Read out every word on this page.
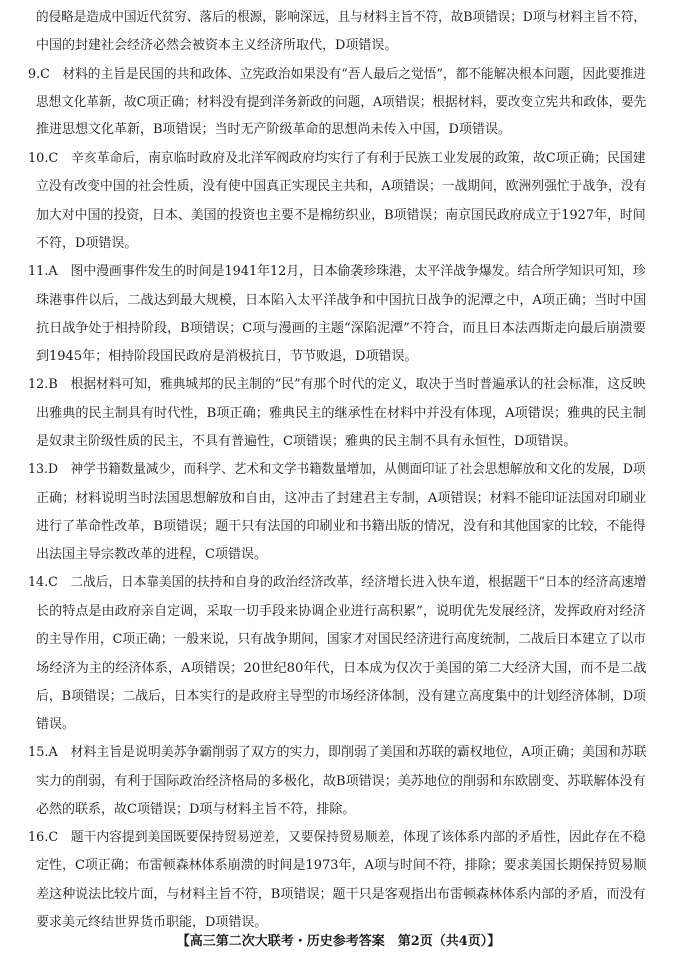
的侵略是造成中国近代贫穷、落后的根源，影响深远，且与材料主旨不符，故B项错误；D项与材料主旨不符，
中国的封建社会经济必然会被资本主义经济所取代，D项错误。
9.C　材料的主旨是民国的共和政体、立宪政治如果没有“吾人最后之觉悟”，都不能解决根本问题，因此要推进
思想文化革新，故C项正确；材料没有提到洋务新政的问题，A项错误；根据材料，要改变立宪共和政体，要先
推进思想文化革新，B项错误；当时无产阶级革命的思想尚未传入中国，D项错误。
10.C　辛亥革命后，南京临时政府及北洋军阀政府均实行了有利于民族工业发展的政策，故C项正确；民国建
立没有改变中国的社会性质，没有使中国真正实现民主共和，A项错误；一战期间，欧洲列强忙于战争，没有
加大对中国的投资，日本、美国的投资也主要不是棉纺织业，B项错误；南京国民政府成立于1927年，时间
不符，D项错误。
11.A　图中漫画事件发生的时间是1941年12月，日本偷袭珍珠港，太平洋战争爆发。结合所学知识可知，珍
珠港事件以后，二战达到最大规模，日本陷入太平洋战争和中国抗日战争的泥潭之中，A项正确；当时中国
抗日战争处于相持阶段，B项错误；C项与漫画的主题“深陷泥潭”不符合，而且日本法西斯走向最后崩溃要
到1945年；相持阶段国民政府是消极抗日，节节败退，D项错误。
12.B　根据材料可知，雅典城邦的民主制的“民”有那个时代的定义，取决于当时普遍承认的社会标准，这反映
出雅典的民主制具有时代性，B项正确；雅典民主的继承性在材料中并没有体现，A项错误；雅典的民主制
是奴隶主阶级性质的民主，不具有普遍性，C项错误；雅典的民主制不具有永恒性，D项错误。
13.D　神学书籍数量减少，而科学、艺术和文学书籍数量增加，从侧面印证了社会思想解放和文化的发展，D项
正确；材料说明当时法国思想解放和自由，这冲击了封建君主专制，A项错误；材料不能印证法国对印刷业
进行了革命性改革，B项错误；题干只有法国的印刷业和书籍出版的情况，没有和其他国家的比较，不能得
出法国主导宗教改革的进程，C项错误。
14.C　二战后，日本靠美国的扶持和自身的政治经济改革，经济增长进入快车道，根据题干“日本的经济高速增
长的特点是由政府亲自定调，采取一切手段来协调企业进行高积累”，说明优先发展经济，发挥政府对经济
的主导作用，C项正确；一般来说，只有战争期间，国家才对国民经济进行高度统制，二战后日本建立了以市
场经济为主的经济体系，A项错误；20世纪80年代，日本成为仅次于美国的第二大经济大国，而不是二战
后，B项错误；二战后，日本实行的是政府主导型的市场经济体制，没有建立高度集中的计划经济体制，D项
错误。
15.A　材料主旨是说明美苏争霸削弱了双方的实力，即削弱了美国和苏联的霸权地位，A项正确；美国和苏联
实力的削弱，有利于国际政治经济格局的多极化，故B项错误；美苏地位的削弱和东欧剧变、苏联解体没有
必然的联系，故C项错误；D项与材料主旨不符，排除。
16.C　题干内容提到美国既要保持贸易逆差，又要保持贸易顺差，体现了该体系内部的矛盾性，因此存在不稳
定性，C项正确；布雷顿森林体系崩溃的时间是1973年，A项与时间不符，排除；要求美国长期保持贸易顺
差这种说法比较片面，与材料主旨不符，B项错误；题干只是客观指出布雷顿森林体系内部的矛盾，而没有
要求美元终结世界货币职能，D项错误。
【高三第二次大联考・历史参考答案　第2页（共4页）】
